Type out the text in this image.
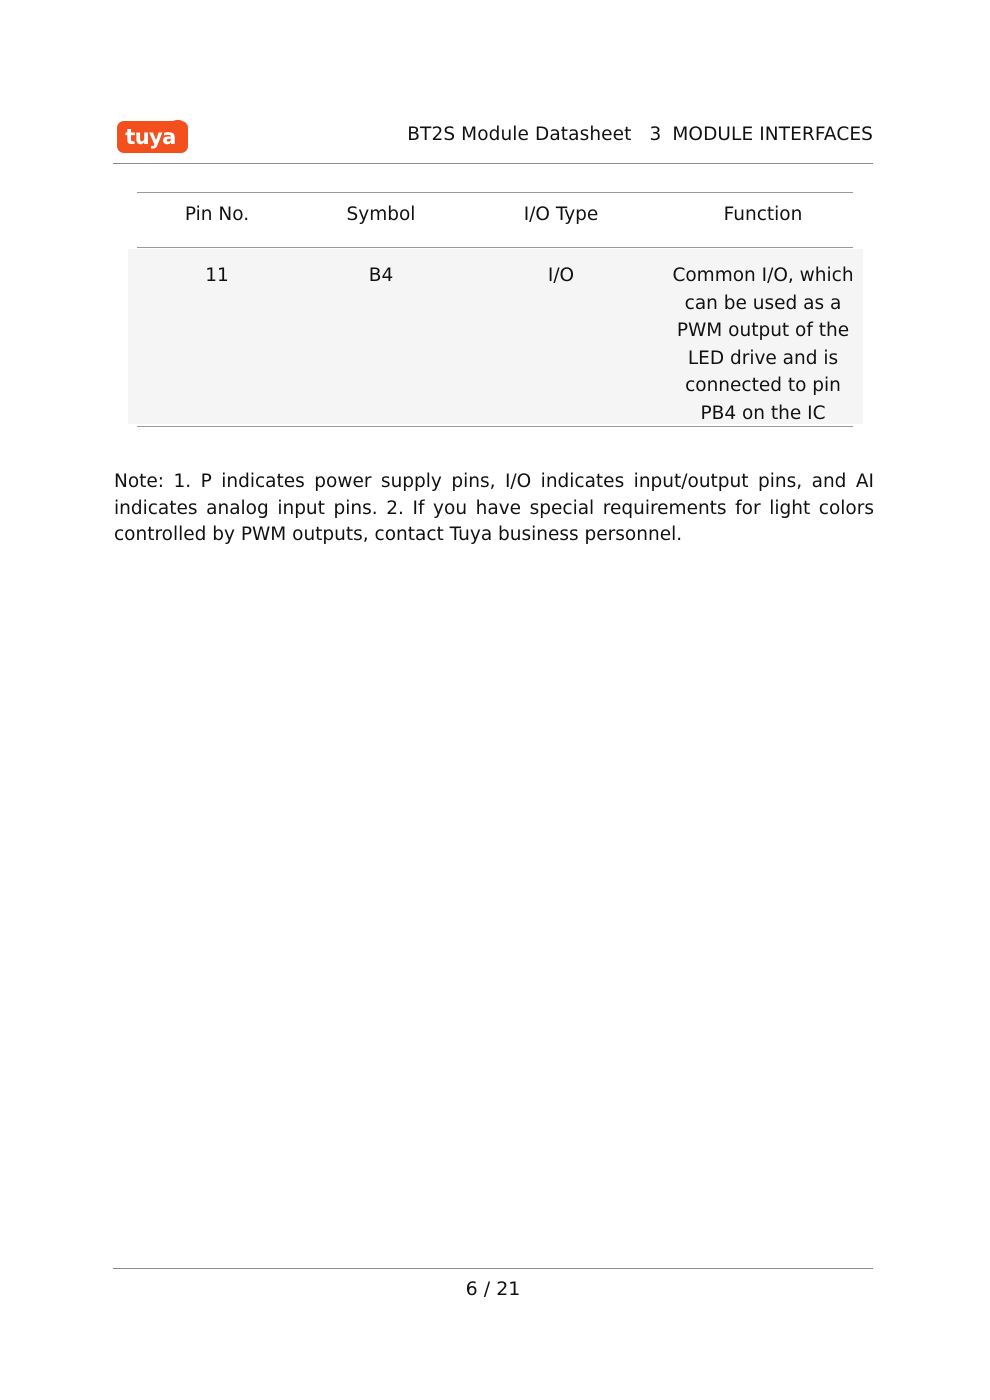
tuya	BT2S Module Datasheet 3 MODULE INTERFACES
Pin No.	Symbol	I/O Type	Function
11	B4	I/O	Common I/O, which can be used as a PWM output of the LED drive and is connected to pin PB4 on the IC
Note: 1. P indicates power supply pins, I/O indicates input/output pins, and AI indicates analog input pins. 2. If you have special requirements for light colors controlled by PWM outputs, contact Tuya business personnel.
6 / 21
